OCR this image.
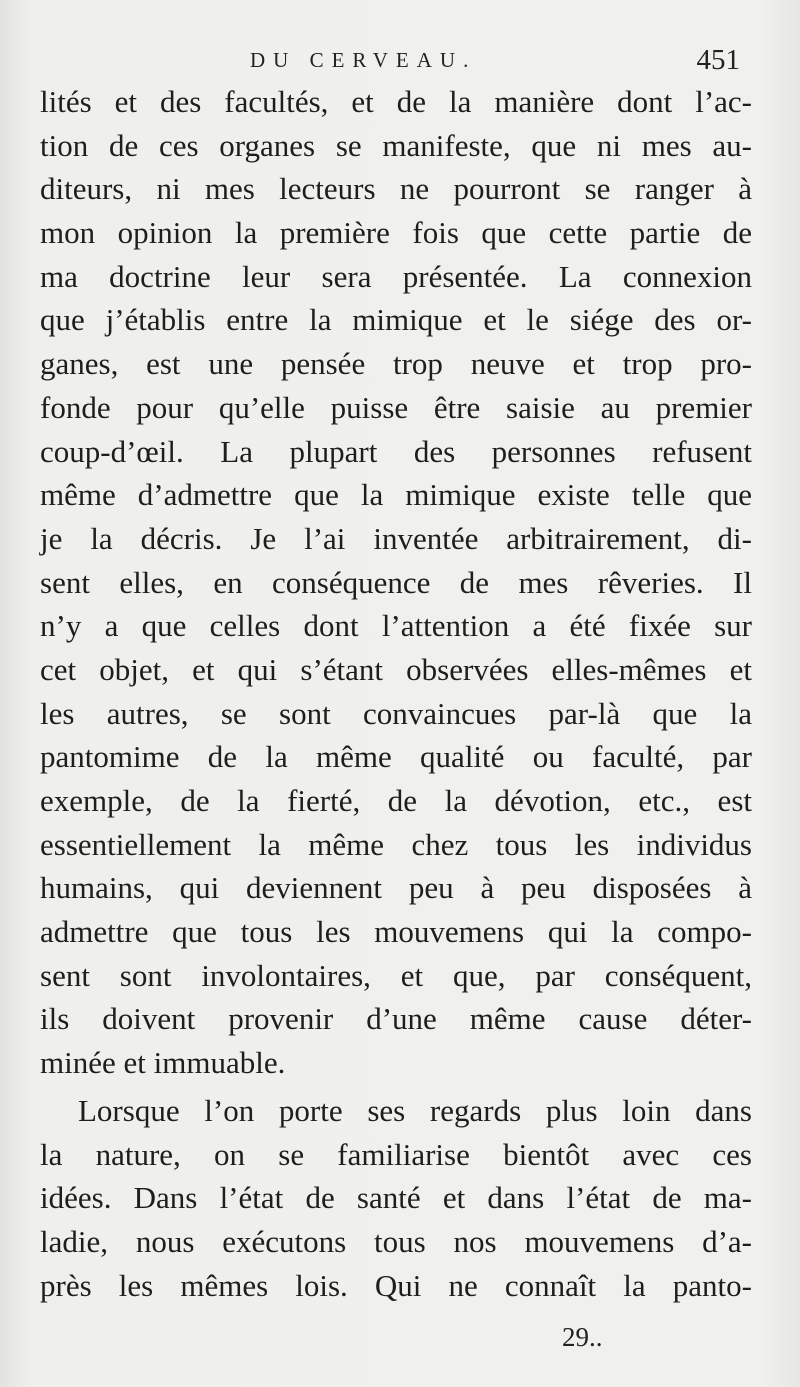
DU CERVEAU.	451
lités et des facultés, et de la manière dont l’ac-
tion de ces organes se manifeste, que ni mes au-
diteurs, ni mes lecteurs ne pourront se ranger à
mon opinion la première fois que cette partie de
ma doctrine leur sera présentée. La connexion
que j’établis entre la mimique et le siége des or-
ganes, est une pensée trop neuve et trop pro-
fonde pour qu’elle puisse être saisie au premier
coup-d’œil. La plupart des personnes refusent
même d’admettre que la mimique existe telle que
je la décris. Je l’ai inventée arbitrairement, di-
sent elles, en conséquence de mes rêveries. Il
n’y a que celles dont l’attention a été fixée sur
cet objet, et qui s’étant observées elles-mêmes et
les autres, se sont convaincues par-là que la
pantomime de la même qualité ou faculté, par
exemple, de la fierté, de la dévotion, etc., est
essentiellement la même chez tous les individus
humains, qui deviennent peu à peu disposées à
admettre que tous les mouvemens qui la compo-
sent sont involontaires, et que, par conséquent,
ils doivent provenir d’une même cause déter-
minée et immuable.
Lorsque l’on porte ses regards plus loin dans
la nature, on se familiarise bientôt avec ces
idées. Dans l’état de santé et dans l’état de ma-
ladie, nous exécutons tous nos mouvemens d’a-
près les mêmes lois. Qui ne connaît la panto-
29..
